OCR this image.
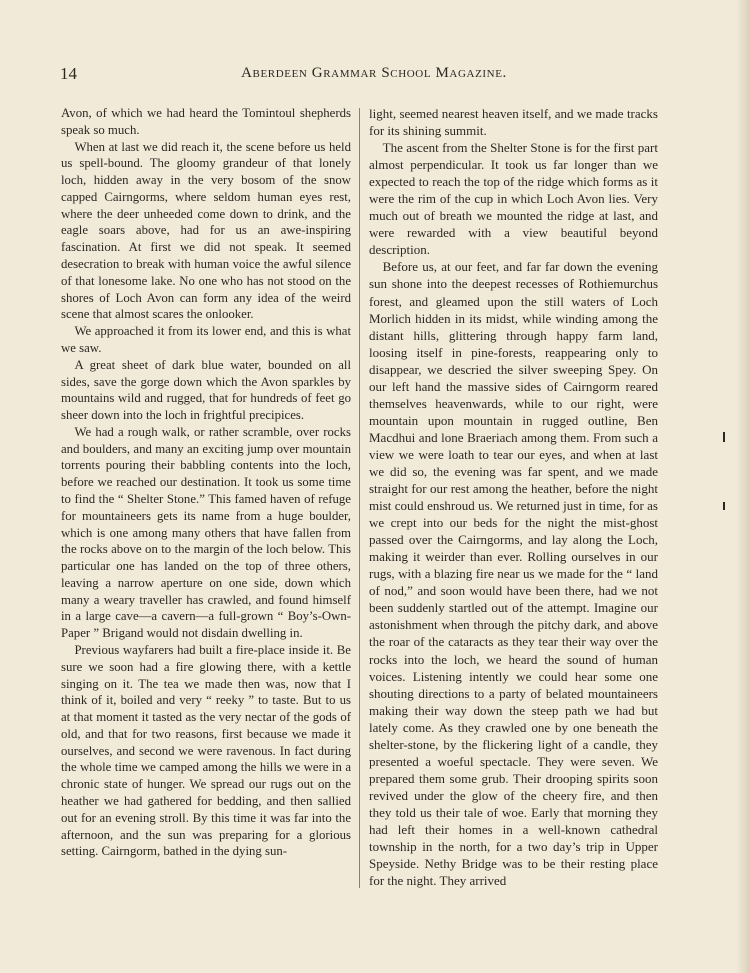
14	Aberdeen Grammar School Magazine.

Avon, of which we had heard the Tomintoul shepherds speak so much.

When at last we did reach it, the scene before us held us spell-bound. The gloomy grandeur of that lonely loch, hidden away in the very bosom of the snow capped Cairngorms, where seldom human eyes rest, where the deer unheeded come down to drink, and the eagle soars above, had for us an awe-inspiring fascination. At first we did not speak. It seemed desecration to break with human voice the awful silence of that lonesome lake. No one who has not stood on the shores of Loch Avon can form any idea of the weird scene that almost scares the onlooker.

We approached it from its lower end, and this is what we saw.

A great sheet of dark blue water, bounded on all sides, save the gorge down which the Avon sparkles by mountains wild and rugged, that for hundreds of feet go sheer down into the loch in frightful precipices.

We had a rough walk, or rather scramble, over rocks and boulders, and many an exciting jump over mountain torrents pouring their babbling contents into the loch, before we reached our destination. It took us some time to find the “ Shelter Stone.” This famed haven of refuge for mountaineers gets its name from a huge boulder, which is one among many others that have fallen from the rocks above on to the margin of the loch below. This particular one has landed on the top of three others, leaving a narrow aperture on one side, down which many a weary traveller has crawled, and found himself in a large cave—a cavern—a full-grown “ Boy’s-Own-Paper ” Brigand would not disdain dwelling in.

Previous wayfarers had built a fire-place inside it. Be sure we soon had a fire glowing there, with a kettle singing on it. The tea we made then was, now that I think of it, boiled and very “ reeky ” to taste. But to us at that moment it tasted as the very nectar of the gods of old, and that for two reasons, first because we made it ourselves, and second we were ravenous. In fact during the whole time we camped among the hills we were in a chronic state of hunger. We spread our rugs out on the heather we had gathered for bedding, and then sallied out for an evening stroll. By this time it was far into the afternoon, and the sun was preparing for a glorious setting. Cairngorm, bathed in the dying sun-

light, seemed nearest heaven itself, and we made tracks for its shining summit.

The ascent from the Shelter Stone is for the first part almost perpendicular. It took us far longer than we expected to reach the top of the ridge which forms as it were the rim of the cup in which Loch Avon lies. Very much out of breath we mounted the ridge at last, and were rewarded with a view beautiful beyond description.

Before us, at our feet, and far far down the evening sun shone into the deepest recesses of Rothiemurchus forest, and gleamed upon the still waters of Loch Morlich hidden in its midst, while winding among the distant hills, glittering through happy farm land, loosing itself in pine-forests, reappearing only to disappear, we descried the silver sweeping Spey. On our left hand the massive sides of Cairngorm reared themselves heavenwards, while to our right, were mountain upon mountain in rugged outline, Ben Macdhui and lone Braeriach among them. From such a view we were loath to tear our eyes, and when at last we did so, the evening was far spent, and we made straight for our rest among the heather, before the night mist could enshroud us. We returned just in time, for as we crept into our beds for the night the mist-ghost passed over the Cairngorms, and lay along the Loch, making it weirder than ever. Rolling ourselves in our rugs, with a blazing fire near us we made for the “ land of nod,” and soon would have been there, had we not been suddenly startled out of the attempt. Imagine our astonishment when through the pitchy dark, and above the roar of the cataracts as they tear their way over the rocks into the loch, we heard the sound of human voices. Listening intently we could hear some one shouting directions to a party of belated mountaineers making their way down the steep path we had but lately come. As they crawled one by one beneath the shelter-stone, by the flickering light of a candle, they presented a woeful spectacle. They were seven. We prepared them some grub. Their drooping spirits soon revived under the glow of the cheery fire, and then they told us their tale of woe. Early that morning they had left their homes in a well-known cathedral township in the north, for a two day’s trip in Upper Speyside. Nethy Bridge was to be their resting place for the night. They arrived
